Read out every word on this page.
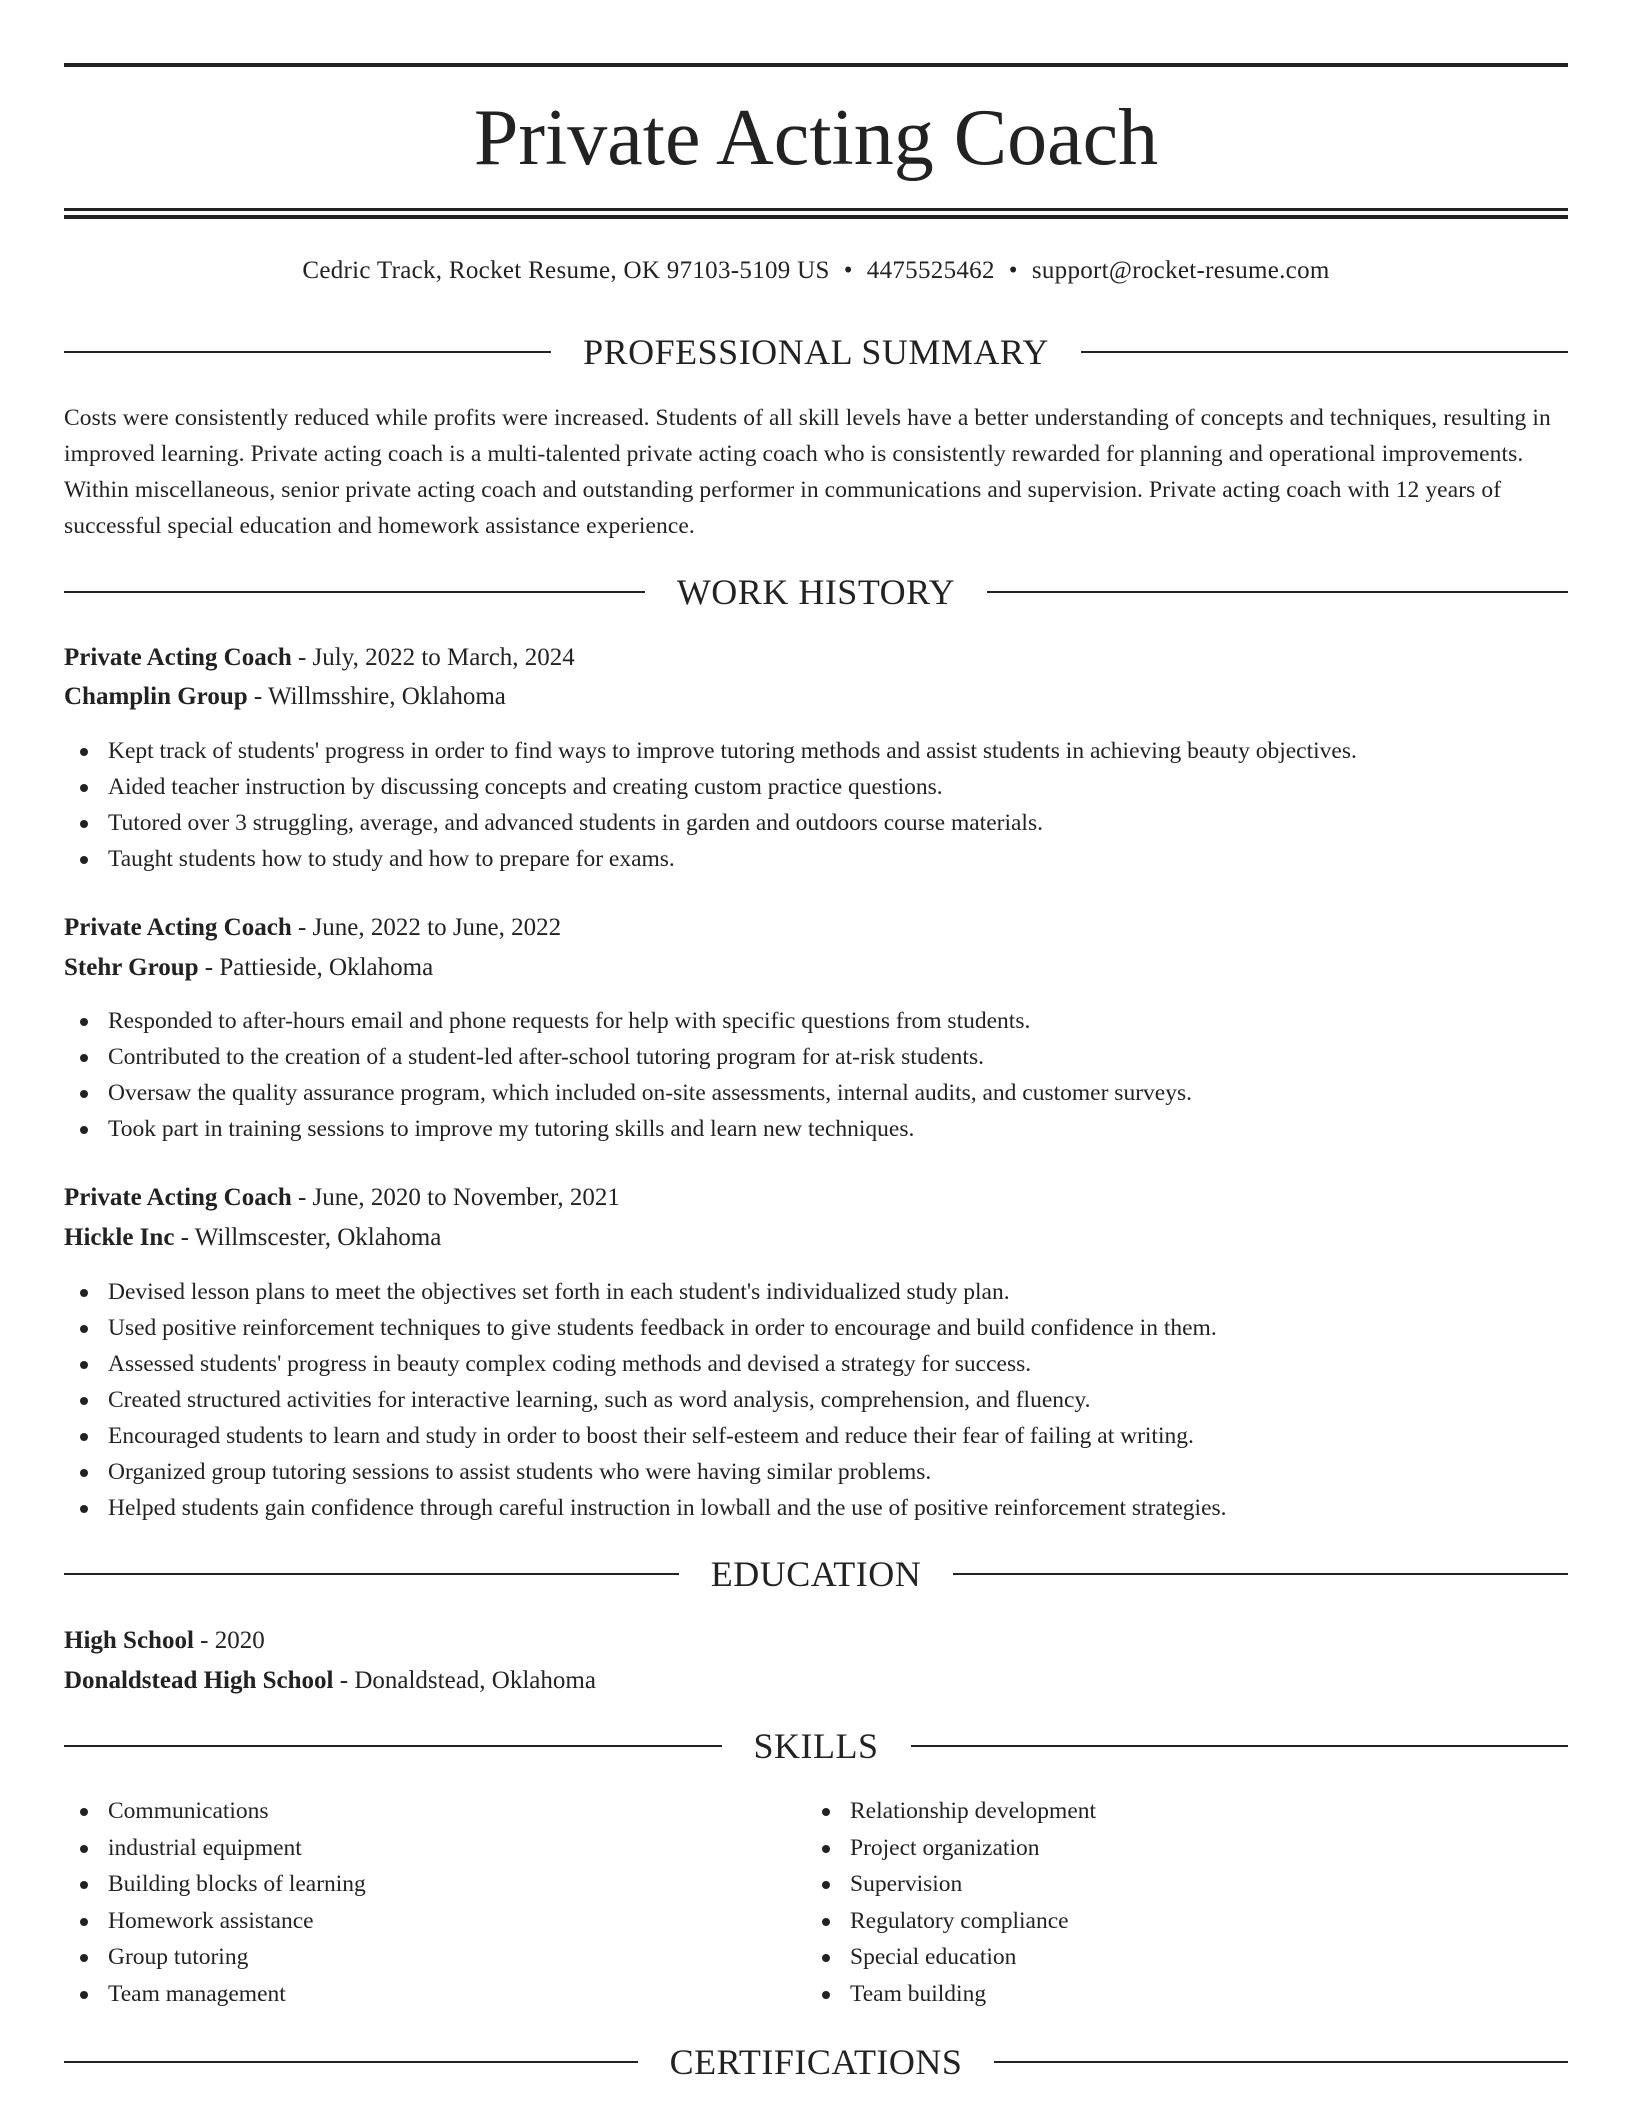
Private Acting Coach
Cedric Track, Rocket Resume, OK 97103-5109 US • 4475525462 • support@rocket-resume.com
PROFESSIONAL SUMMARY

Costs were consistently reduced while profits were increased. Students of all skill levels have a better understanding of concepts and techniques, resulting in improved learning. Private acting coach is a multi-talented private acting coach who is consistently rewarded for planning and operational improvements. Within miscellaneous, senior private acting coach and outstanding performer in communications and supervision. Private acting coach with 12 years of successful special education and homework assistance experience.

WORK HISTORY
Private Acting Coach - July, 2022 to March, 2024
Champlin Group - Willmsshire, Oklahoma
Kept track of students' progress in order to find ways to improve tutoring methods and assist students in achieving beauty objectives.
Aided teacher instruction by discussing concepts and creating custom practice questions.
Tutored over 3 struggling, average, and advanced students in garden and outdoors course materials.
Taught students how to study and how to prepare for exams.
Private Acting Coach - June, 2022 to June, 2022
Stehr Group - Pattieside, Oklahoma
Responded to after-hours email and phone requests for help with specific questions from students.
Contributed to the creation of a student-led after-school tutoring program for at-risk students.
Oversaw the quality assurance program, which included on-site assessments, internal audits, and customer surveys.
Took part in training sessions to improve my tutoring skills and learn new techniques.
Private Acting Coach - June, 2020 to November, 2021
Hickle Inc - Willmscester, Oklahoma
Devised lesson plans to meet the objectives set forth in each student's individualized study plan.
Used positive reinforcement techniques to give students feedback in order to encourage and build confidence in them.
Assessed students' progress in beauty complex coding methods and devised a strategy for success.
Created structured activities for interactive learning, such as word analysis, comprehension, and fluency.
Encouraged students to learn and study in order to boost their self-esteem and reduce their fear of failing at writing.
Organized group tutoring sessions to assist students who were having similar problems.
Helped students gain confidence through careful instruction in lowball and the use of positive reinforcement strategies.
EDUCATION
High School - 2020
Donaldstead High School - Donaldstead, Oklahoma
SKILLS
Communications
industrial equipment
Building blocks of learning
Homework assistance
Group tutoring
Team management
Relationship development
Project organization
Supervision
Regulatory compliance
Special education
Team building
CERTIFICATIONS
